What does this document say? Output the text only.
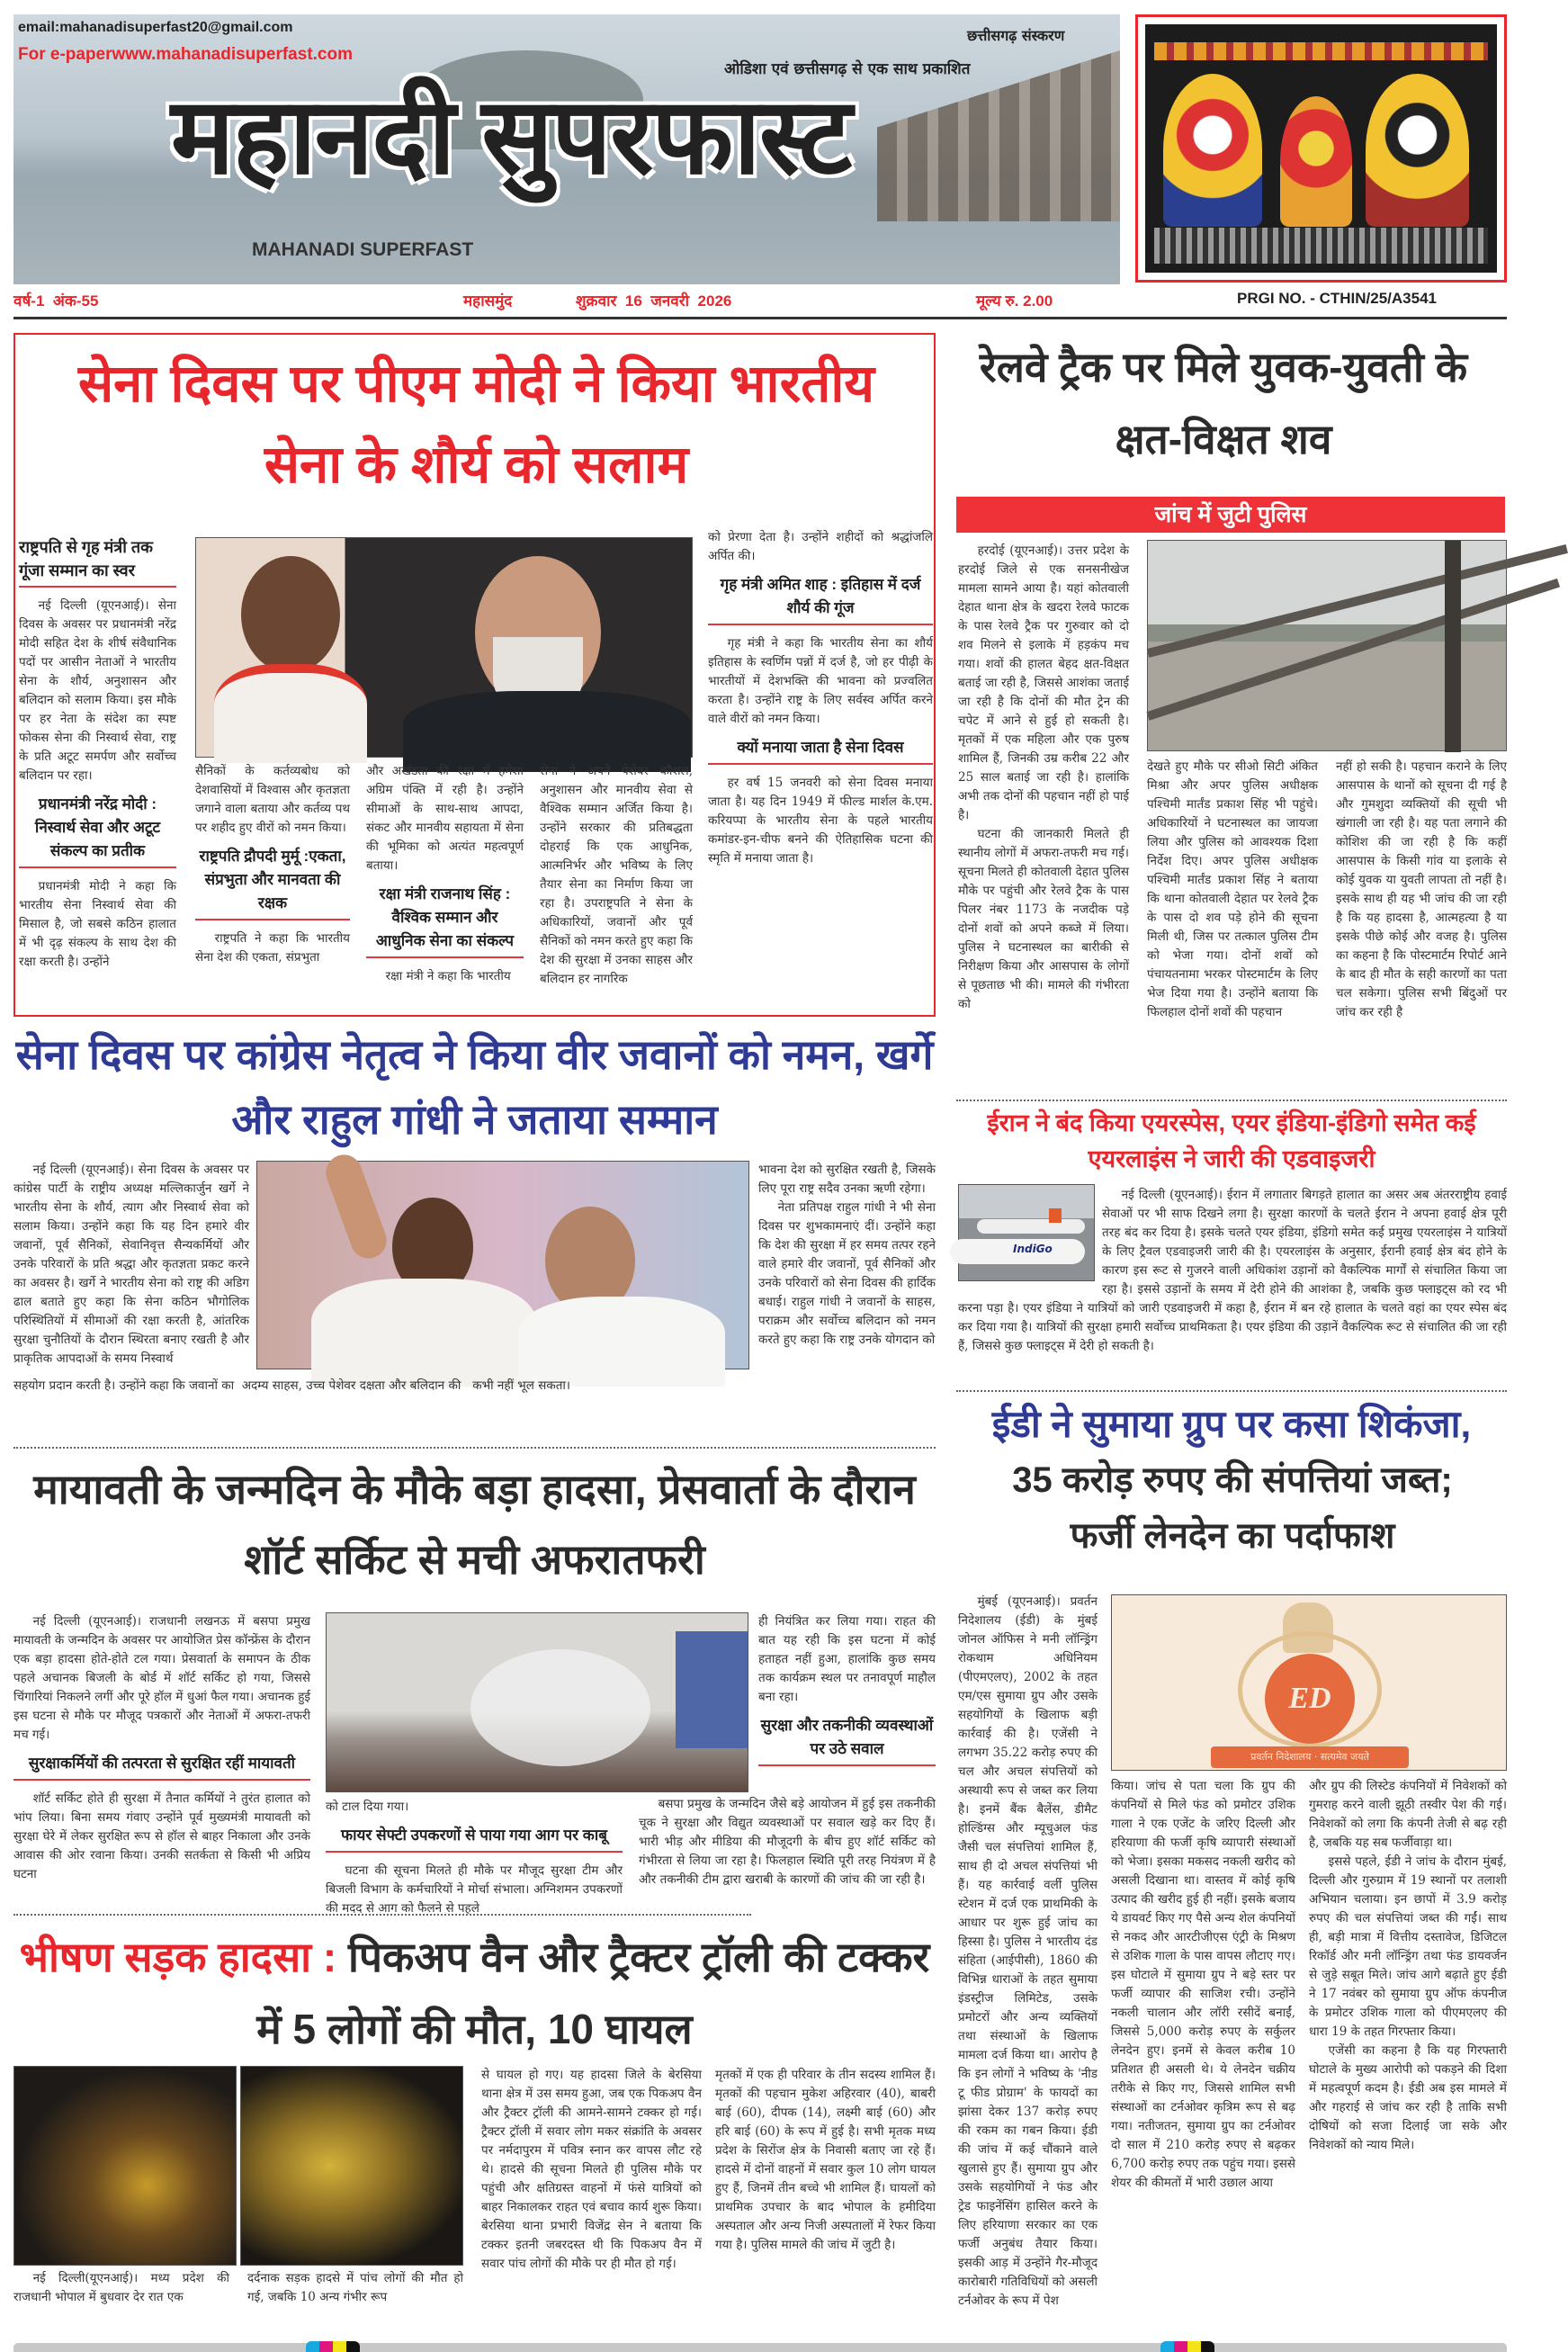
email:mahanadisuperfast20@gmail.com
For e-paperwww.mahanadisuperfast.com
छत्तीसगढ़ संस्करण
ओडिशा एवं छत्तीसगढ़ से एक साथ प्रकाशित
महानदी सुपरफास्ट
MAHANADI SUPERFAST
वर्ष-1  अंक-55	महासमुंद	शुक्रवार  16  जनवरी  2026	मूल्य रु. 2.00	PRGI NO. - CTHIN/25/A3541
सेना दिवस पर पीएम मोदी ने किया भारतीय सेना के शौर्य को सलाम
राष्ट्रपति से गृह मंत्री तक गूंजा सम्मान का स्वर

नई दिल्ली (यूएनआई)। सेना दिवस के अवसर पर प्रधानमंत्री नरेंद्र मोदी सहित देश के शीर्ष संवैधानिक पदों पर आसीन नेताओं ने भारतीय सेना के शौर्य, अनुशासन और बलिदान को सलाम किया। इस मौके पर हर नेता के संदेश का स्पष्ट फोकस सेना की निस्वार्थ सेवा, राष्ट्र के प्रति अटूट समर्पण और सर्वोच्च बलिदान पर रहा।

प्रधानमंत्री नरेंद्र मोदी : निस्वार्थ सेवा और अटूट संकल्प का प्रतीक

प्रधानमंत्री मोदी ने कहा कि भारतीय सेना निस्वार्थ सेवा की मिसाल है, जो सबसे कठिन हालात में भी दृढ़ संकल्प के साथ देश की रक्षा करती है। उन्होंने

सैनिकों के कर्तव्यबोध को देशवासियों में विश्वास और कृतज्ञता जगाने वाला बताया और कर्तव्य पथ पर शहीद हुए वीरों को नमन किया।

राष्ट्रपति द्रौपदी मुर्मू :एकता, संप्रभुता और मानवता की रक्षक

राष्ट्रपति ने कहा कि भारतीय सेना देश की एकता, संप्रभुता

और अखंडता की रक्षा में हमेशा अग्रिम पंक्ति में रही है। उन्होंने सीमाओं के साथ-साथ आपदा, संकट और मानवीय सहायता में सेना की भूमिका को अत्यंत महत्वपूर्ण बताया।

रक्षा मंत्री राजनाथ सिंह : वैश्विक सम्मान और आधुनिक सेना का संकल्प

रक्षा मंत्री ने कहा कि भारतीय

सेना ने अपने पेशेवर कौशल, अनुशासन और मानवीय सेवा से वैश्विक सम्मान अर्जित किया है। उन्होंने सरकार की प्रतिबद्धता दोहराई कि एक आधुनिक, आत्मनिर्भर और भविष्य के लिए तैयार सेना का निर्माण किया जा रहा है। उपराष्ट्रपति ने सेना के अधिकारियों, जवानों और पूर्व सैनिकों को नमन करते हुए कहा कि देश की सुरक्षा में उनका साहस और बलिदान हर नागरिक

को प्रेरणा देता है। उन्होंने शहीदों को श्रद्धांजलि अर्पित की।

गृह मंत्री अमित शाह : इतिहास में दर्ज शौर्य की गूंज

गृह मंत्री ने कहा कि भारतीय सेना का शौर्य इतिहास के स्वर्णिम पन्नों में दर्ज है, जो हर पीढ़ी के भारतीयों में देशभक्ति की भावना को प्रज्वलित करता है। उन्होंने राष्ट्र के लिए सर्वस्व अर्पित करने वाले वीरों को नमन किया।

क्यों मनाया जाता है सेना दिवस

हर वर्ष 15 जनवरी को सेना दिवस मनाया जाता है। यह दिन 1949 में फील्ड मार्शल के.एम. करियप्पा के भारतीय सेना के पहले भारतीय कमांडर-इन-चीफ बनने की ऐतिहासिक घटना की स्मृति में मनाया जाता है।

रेलवे ट्रैक पर मिले युवक-युवती के क्षत-विक्षत शव
जांच में जुटी पुलिस

हरदोई (यूएनआई)। उत्तर प्रदेश के हरदोई जिले से एक सनसनीखेज मामला सामने आया है। यहां कोतवाली देहात थाना क्षेत्र के खदरा रेलवे फाटक के पास रेलवे ट्रैक पर गुरुवार को दो शव मिलने से इलाके में हड़कंप मच गया। शवों की हालत बेहद क्षत-विक्षत बताई जा रही है, जिससे आशंका जताई जा रही है कि दोनों की मौत ट्रेन की चपेट में आने से हुई हो सकती है। मृतकों में एक महिला और एक पुरुष शामिल हैं, जिनकी उम्र करीब 22 और 25 साल बताई जा रही है। हालांकि अभी तक दोनों की पहचान नहीं हो पाई है।

घटना की जानकारी मिलते ही स्थानीय लोगों में अफरा-तफरी मच गई। सूचना मिलते ही कोतवाली देहात पुलिस मौके पर पहुंची और रेलवे ट्रैक के पास पिलर नंबर 1173 के नजदीक पड़े दोनों शवों को अपने कब्जे में लिया। पुलिस ने घटनास्थल का बारीकी से निरीक्षण किया और आसपास के लोगों से पूछताछ भी की। मामले की गंभीरता को

देखते हुए मौके पर सीओ सिटी अंकित मिश्रा और अपर पुलिस अधीक्षक पश्चिमी मार्तंड प्रकाश सिंह भी पहुंचे। अधिकारियों ने घटनास्थल का जायजा लिया और पुलिस को आवश्यक दिशा निर्देश दिए। अपर पुलिस अधीक्षक पश्चिमी मार्तंड प्रकाश सिंह ने बताया कि थाना कोतवाली देहात पर रेलवे ट्रैक के पास दो शव पड़े होने की सूचना मिली थी, जिस पर तत्काल पुलिस टीम को भेजा गया। दोनों शवों को पंचायतनामा भरकर पोस्टमार्टम के लिए भेज दिया गया है। उन्होंने बताया कि फिलहाल दोनों शवों की पहचान

नहीं हो सकी है। पहचान कराने के लिए आसपास के थानों को सूचना दी गई है और गुमशुदा व्यक्तियों की सूची भी खंगाली जा रही है। यह पता लगाने की कोशिश की जा रही है कि कहीं आसपास के किसी गांव या इलाके से कोई युवक या युवती लापता तो नहीं है। इसके साथ ही यह भी जांच की जा रही है कि यह हादसा है, आत्महत्या है या इसके पीछे कोई और वजह है। पुलिस का कहना है कि पोस्टमार्टम रिपोर्ट आने के बाद ही मौत के सही कारणों का पता चल सकेगा। पुलिस सभी बिंदुओं पर जांच कर रही है

ईरान ने बंद किया एयरस्पेस, एयर इंडिया-इंडिगो समेत कई एयरलाइंस ने जारी की एडवाइजरी
IndiGo

नई दिल्ली (यूएनआई)। ईरान में लगातार बिगड़ते हालात का असर अब अंतरराष्ट्रीय हवाई सेवाओं पर भी साफ दिखने लगा है। सुरक्षा कारणों के चलते ईरान ने अपना हवाई क्षेत्र पूरी तरह बंद कर दिया है। इसके चलते एयर इंडिया, इंडिगो समेत कई प्रमुख एयरलाइंस ने यात्रियों के लिए ट्रैवल एडवाइजरी जारी की है। एयरलाइंस के अनुसार, ईरानी हवाई क्षेत्र बंद होने के कारण इस रूट से गुजरने वाली अधिकांश उड़ानों को वैकल्पिक मार्गों से संचालित किया जा रहा है। इससे उड़ानों के समय में देरी होने की आशंका है, जबकि कुछ फ्लाइट्स को रद भी करना पड़ा है। एयर इंडिया ने यात्रियों को जारी एडवाइजरी में कहा है, ईरान में बन रहे हालात के चलते वहां का एयर स्पेस बंद कर दिया गया है। यात्रियों की सुरक्षा हमारी सर्वोच्च प्राथमिकता है। एयर इंडिया की उड़ानें वैकल्पिक रूट से संचालित की जा रही हैं, जिससे कुछ फ्लाइट्स में देरी हो सकती है।

ईडी ने सुमाया ग्रुप पर कसा शिकंजा,
35 करोड़ रुपए की संपत्तियां जब्त; फर्जी लेनदेन का पर्दाफाश

मुंबई (यूएनआई)। प्रवर्तन निदेशालय (ईडी) के मुंबई जोनल ऑफिस ने मनी लॉन्ड्रिंग रोकथाम अधिनियम (पीएमएलए), 2002 के तहत एम/एस सुमाया ग्रुप और उसके सहयोगियों के खिलाफ बड़ी कार्रवाई की है। एजेंसी ने लगभग 35.22 करोड़ रुपए की चल और अचल संपत्तियों को अस्थायी रूप से जब्त कर लिया है। इनमें बैंक बैलेंस, डीमैट होल्डिंग्स और म्यूचुअल फंड जैसी चल संपत्तियां शामिल हैं, साथ ही दो अचल संपत्तियां भी हैं। यह कार्रवाई वर्ली पुलिस स्टेशन में दर्ज एक प्राथमिकी के आधार पर शुरू हुई जांच का हिस्सा है। पुलिस ने भारतीय दंड संहिता (आईपीसी), 1860 की विभिन्न धाराओं के तहत सुमाया इंडस्ट्रीज लिमिटेड, उसके प्रमोटरों और अन्य व्यक्तियों तथा संस्थाओं के खिलाफ मामला दर्ज किया था। आरोप है कि इन लोगों ने भविष्य के 'नीड टू फीड प्रोग्राम' के फायदों का झांसा देकर 137 करोड़ रुपए की रकम का गबन किया। ईडी की जांच में कई चौंकाने वाले खुलासे हुए हैं। सुमाया ग्रुप और उसके सहयोगियों ने फंड और ट्रेड फाइनेंसिंग हासिल करने के लिए हरियाणा सरकार का एक फर्जी अनुबंध तैयार किया। इसकी आड़ में उन्होंने गैर-मौजूद कारोबारी गतिविधियों को असली टर्नओवर के रूप में पेश

ED
प्रवर्तन निदेशालय · सत्यमेव जयते

किया। जांच से पता चला कि ग्रुप की कंपनियों से मिले फंड को प्रमोटर उशिक गाला ने एक एजेंट के जरिए दिल्ली और हरियाणा की फर्जी कृषि व्यापारी संस्थाओं को भेजा। इसका मकसद नकली खरीद को असली दिखाना था। वास्तव में कोई कृषि उत्पाद की खरीद हुई ही नहीं। इसके बजाय ये डायवर्ट किए गए पैसे अन्य शेल कंपनियों से नकद और आरटीजीएस एंट्री के मिश्रण से उशिक गाला के पास वापस लौटाए गए। इस घोटाले में सुमाया ग्रुप ने बड़े स्तर पर फर्जी व्यापार की साजिश रची। उन्होंने नकली चालान और लॉरी रसीदें बनाईं, जिससे 5,000 करोड़ रुपए के सर्कुलर लेनदेन हुए। इनमें से केवल करीब 10 प्रतिशत ही असली थे। ये लेनदेन चक्रीय तरीके से किए गए, जिससे शामिल सभी संस्थाओं का टर्नओवर कृत्रिम रूप से बढ़ गया। नतीजतन, सुमाया ग्रुप का टर्नओवर दो साल में 210 करोड़ रुपए से बढ़कर 6,700 करोड़ रुपए तक पहुंच गया। इससे शेयर की कीमतों में भारी उछाल आया

और ग्रुप की लिस्टेड कंपनियों में निवेशकों को गुमराह करने वाली झूठी तस्वीर पेश की गई। निवेशकों को लगा कि कंपनी तेजी से बढ़ रही है, जबकि यह सब फर्जीवाड़ा था।

इससे पहले, ईडी ने जांच के दौरान मुंबई, दिल्ली और गुरुग्राम में 19 स्थानों पर तलाशी अभियान चलाया। इन छापों में 3.9 करोड़ रुपए की चल संपत्तियां जब्त की गईं। साथ ही, बड़ी मात्रा में वित्तीय दस्तावेज, डिजिटल रिकॉर्ड और मनी लॉन्ड्रिंग तथा फंड डायवर्जन से जुड़े सबूत मिले। जांच आगे बढ़ाते हुए ईडी ने 17 नवंबर को सुमाया ग्रुप ऑफ कंपनीज के प्रमोटर उशिक गाला को पीएमएलए की धारा 19 के तहत गिरफ्तार किया।

एजेंसी का कहना है कि यह गिरफ्तारी घोटाले के मुख्य आरोपी को पकड़ने की दिशा में महत्वपूर्ण कदम है। ईडी अब इस मामले में और गहराई से जांच कर रही है ताकि सभी दोषियों को सजा दिलाई जा सके और निवेशकों को न्याय मिले।

सेना दिवस पर कांग्रेस नेतृत्व ने किया वीर जवानों को नमन, खर्गे और राहुल गांधी ने जताया सम्मान

नई दिल्ली (यूएनआई)। सेना दिवस के अवसर पर कांग्रेस पार्टी के राष्ट्रीय अध्यक्ष मल्लिकार्जुन खर्गे ने भारतीय सेना के शौर्य, त्याग और निस्वार्थ सेवा को सलाम किया। उन्होंने कहा कि यह दिन हमारे वीर जवानों, पूर्व सैनिकों, सेवानिवृत्त सैन्यकर्मियों और उनके परिवारों के प्रति श्रद्धा और कृतज्ञता प्रकट करने का अवसर है। खर्गे ने भारतीय सेना को राष्ट्र की अडिग ढाल बताते हुए कहा कि सेना कठिन भौगोलिक परिस्थितियों में सीमाओं की रक्षा करती है, आंतरिक सुरक्षा चुनौतियों के दौरान स्थिरता बनाए रखती है और प्राकृतिक आपदाओं के समय निस्वार्थ

भावना देश को सुरक्षित रखती है, जिसके लिए पूरा राष्ट्र सदैव उनका ऋणी रहेगा।

नेता प्रतिपक्ष राहुल गांधी ने भी सेना दिवस पर शुभकामनाएं दीं। उन्होंने कहा कि देश की सुरक्षा में हर समय तत्पर रहने वाले हमारे वीर जवानों, पूर्व सैनिकों और उनके परिवारों को सेना दिवस की हार्दिक बधाई। राहुल गांधी ने जवानों के साहस, पराक्रम और सर्वोच्च बलिदान को नमन करते हुए कहा कि राष्ट्र उनके योगदान को

सहयोग प्रदान करती है। उन्होंने कहा कि जवानों का  अदम्य साहस, उच्च पेशेवर दक्षता और बलिदान की   कभी नहीं भूल सकता।
मायावती के जन्मदिन के मौके बड़ा हादसा, प्रेसवार्ता के दौरान शॉर्ट सर्किट से मची अफरातफरी

नई दिल्ली (यूएनआई)। राजधानी लखनऊ में बसपा प्रमुख मायावती के जन्मदिन के अवसर पर आयोजित प्रेस कॉन्फ्रेंस के दौरान एक बड़ा हादसा होते-होते टल गया। प्रेसवार्ता के समापन के ठीक पहले अचानक बिजली के बोर्ड में शॉर्ट सर्किट हो गया, जिससे चिंगारियां निकलने लगीं और पूरे हॉल में धुआं फैल गया। अचानक हुई इस घटना से मौके पर मौजूद पत्रकारों और नेताओं में अफरा-तफरी मच गई।

सुरक्षाकर्मियों की तत्परता से सुरक्षित रहीं मायावती

शॉर्ट सर्किट होते ही सुरक्षा में तैनात कर्मियों ने तुरंत हालात को भांप लिया। बिना समय गंवाए उन्होंने पूर्व मुख्यमंत्री मायावती को सुरक्षा घेरे में लेकर सुरक्षित रूप से हॉल से बाहर निकाला और उनके आवास की ओर रवाना किया। उनकी सतर्कता से किसी भी अप्रिय घटना

को टाल दिया गया।

फायर सेफ्टी उपकरणों से पाया गया आग पर काबू

घटना की सूचना मिलते ही मौके पर मौजूद सुरक्षा टीम और बिजली विभाग के कर्मचारियों ने मोर्चा संभाला। अग्निशमन उपकरणों की मदद से आग को फैलने से पहले

ही नियंत्रित कर लिया गया। राहत की बात यह रही कि इस घटना में कोई हताहत नहीं हुआ, हालांकि कुछ समय तक कार्यक्रम स्थल पर तनावपूर्ण माहौल बना रहा।

सुरक्षा और तकनीकी व्यवस्थाओं पर उठे सवाल

बसपा प्रमुख के जन्मदिन जैसे बड़े आयोजन में हुई इस तकनीकी चूक ने सुरक्षा और विद्युत व्यवस्थाओं पर सवाल खड़े कर दिए हैं। भारी भीड़ और मीडिया की मौजूदगी के बीच हुए शॉर्ट सर्किट को गंभीरता से लिया जा रहा है। फिलहाल स्थिति पूरी तरह नियंत्रण में है और तकनीकी टीम द्वारा खराबी के कारणों की जांच की जा रही है।

भीषण सड़क हादसा : पिकअप वैन और ट्रैक्टर ट्रॉली की टक्कर में 5 लोगों की मौत, 10 घायल

नई दिल्ली(यूएनआई)। मध्य प्रदेश की राजधानी भोपाल में बुधवार देर रात एक

दर्दनाक सड़क हादसे में पांच लोगों की मौत हो गई, जबकि 10 अन्य गंभीर रूप

से घायल हो गए। यह हादसा जिले के बेरसिया थाना क्षेत्र में उस समय हुआ, जब एक पिकअप वैन और ट्रैक्टर ट्रॉली की आमने-सामने टक्कर हो गई। ट्रैक्टर ट्रॉली में सवार लोग मकर संक्रांति के अवसर पर नर्मदापुरम में पवित्र स्नान कर वापस लौट रहे थे। हादसे की सूचना मिलते ही पुलिस मौके पर पहुंची और क्षतिग्रस्त वाहनों में फंसे यात्रियों को बाहर निकालकर राहत एवं बचाव कार्य शुरू किया। बेरसिया थाना प्रभारी विजेंद्र सेन ने बताया कि टक्कर इतनी जबरदस्त थी कि पिकअप वैन में सवार पांच लोगों की मौके पर ही मौत हो गई।

मृतकों में एक ही परिवार के तीन सदस्य शामिल हैं। मृतकों की पहचान मुकेश अहिरवार (40), बाबरी बाई (60), दीपक (14), लक्ष्मी बाई (60) और हरि बाई (60) के रूप में हुई है। सभी मृतक मध्य प्रदेश के सिरोंज क्षेत्र के निवासी बताए जा रहे हैं। हादसे में दोनों वाहनों में सवार कुल 10 लोग घायल हुए हैं, जिनमें तीन बच्चे भी शामिल हैं। घायलों को प्राथमिक उपचार के बाद भोपाल के हमीदिया अस्पताल और अन्य निजी अस्पतालों में रेफर किया गया है। पुलिस मामले की जांच में जुटी है।
